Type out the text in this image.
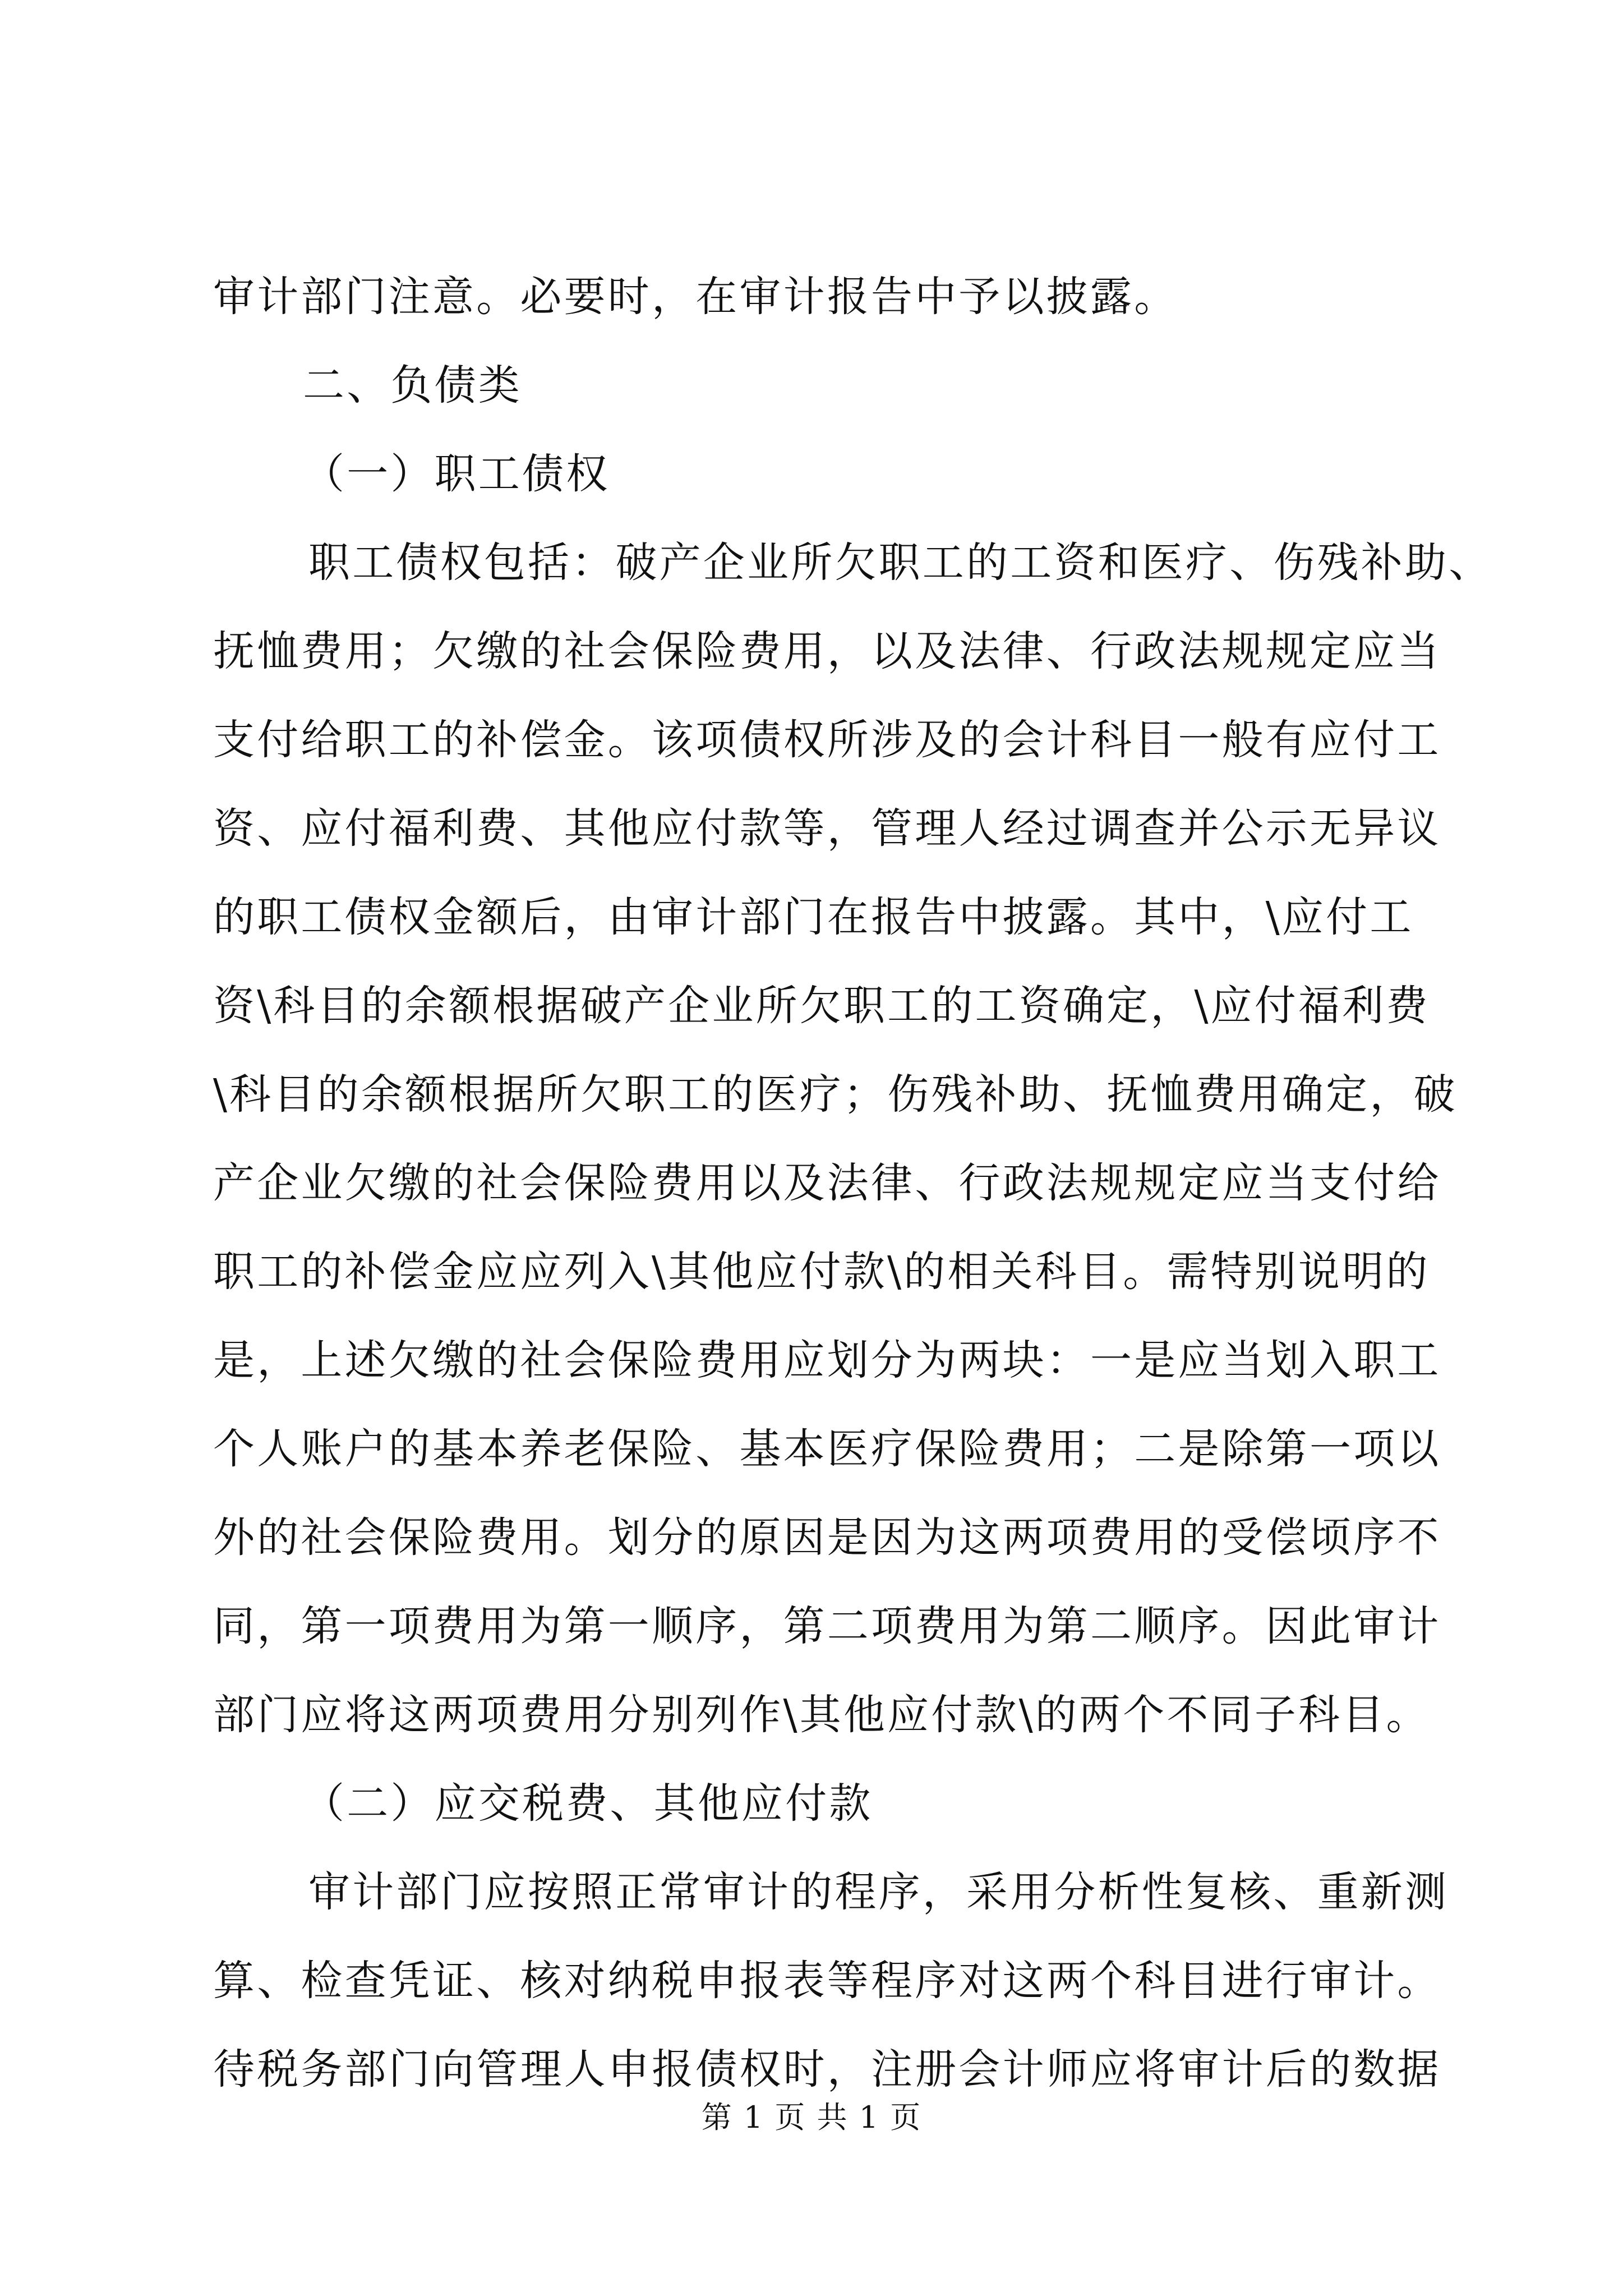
审计部门注意。必要时，在审计报告中予以披露。
二、负债类
（一）职工债权
职工债权包括：破产企业所欠职工的工资和医疗、伤残补助、
抚恤费用；欠缴的社会保险费用，以及法律、行政法规规定应当
支付给职工的补偿金。该项债权所涉及的会计科目一般有应付工
资、应付福利费、其他应付款等，管理人经过调查并公示无异议
的职工债权金额后，由审计部门在报告中披露。其中，\应付工
资\科目的余额根据破产企业所欠职工的工资确定，\应付福利费
\科目的余额根据所欠职工的医疗；伤残补助、抚恤费用确定，破
产企业欠缴的社会保险费用以及法律、行政法规规定应当支付给
职工的补偿金应应列入\其他应付款\的相关科目。需特别说明的
是，上述欠缴的社会保险费用应划分为两块：一是应当划入职工
个人账户的基本养老保险、基本医疗保险费用；二是除第一项以
外的社会保险费用。划分的原因是因为这两项费用的受偿顷序不
同，第一项费用为第一顺序，第二项费用为第二顺序。因此审计
部门应将这两项费用分别列作\其他应付款\的两个不同子科目。
（二）应交税费、其他应付款
审计部门应按照正常审计的程序，采用分析性复核、重新测
算、检查凭证、核对纳税申报表等程序对这两个科目进行审计。
待税务部门向管理人申报债权时，注册会计师应将审计后的数据
第 1 页 共 1 页
